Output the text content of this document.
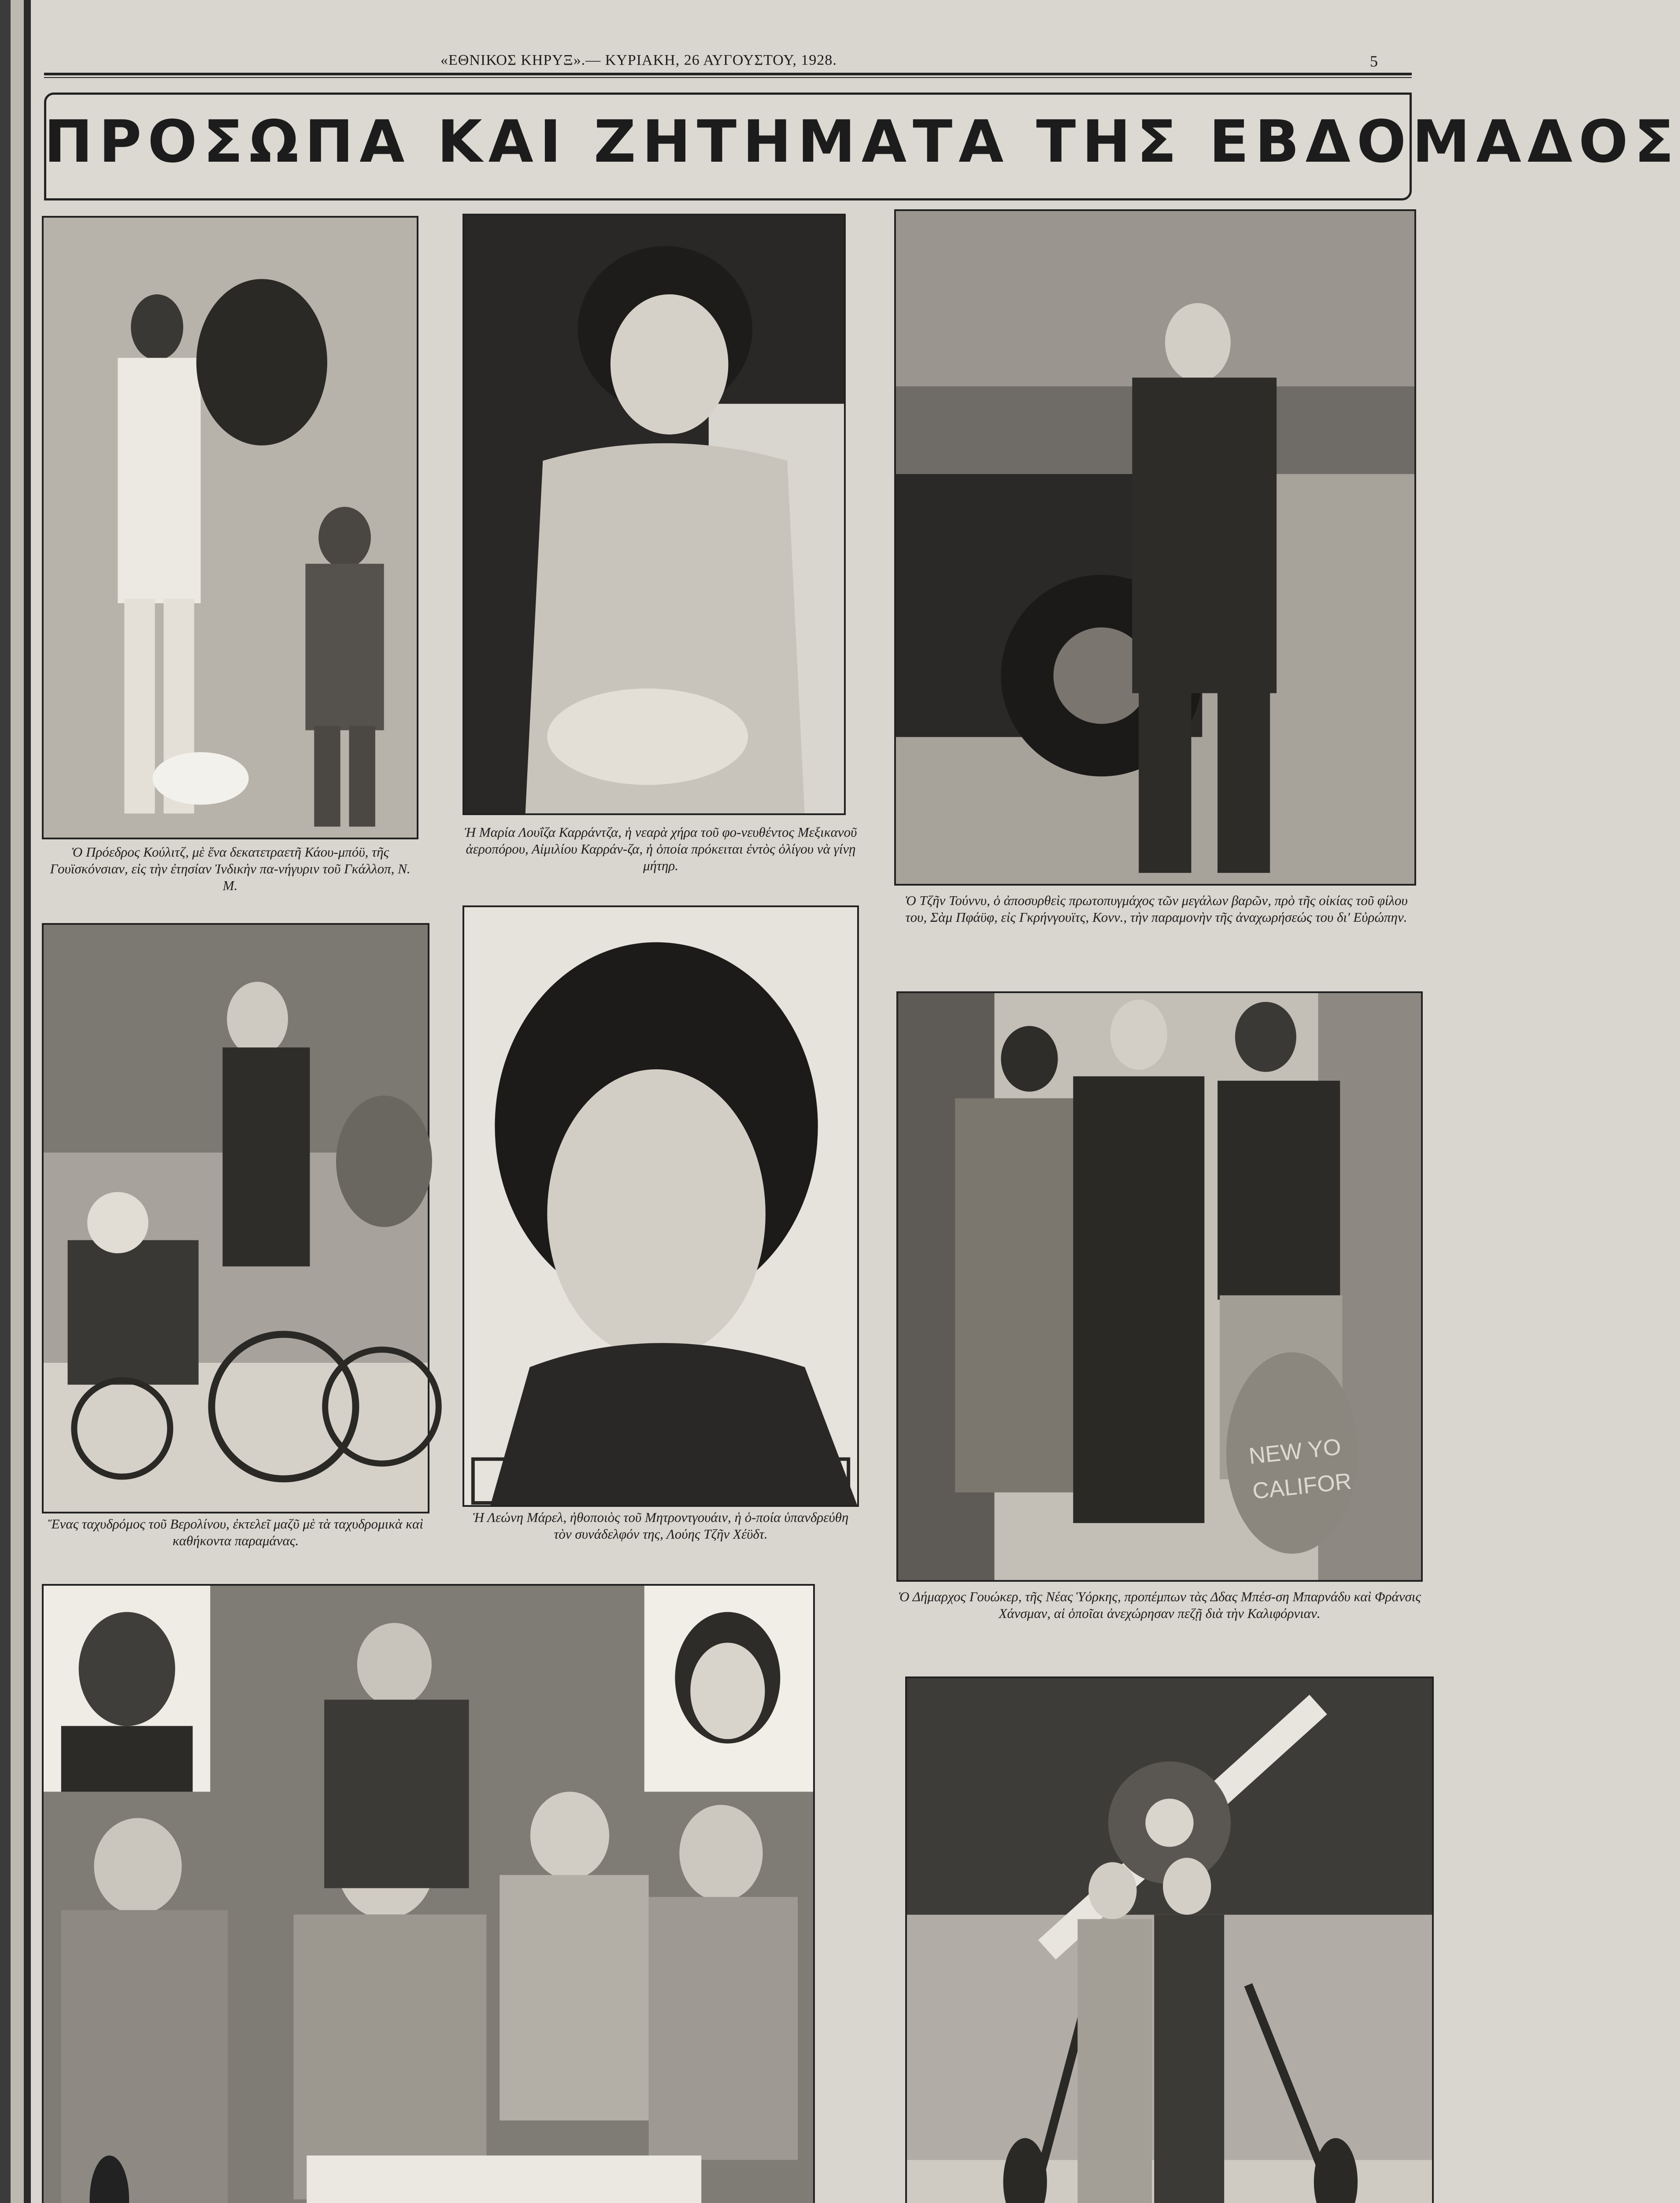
«ΕΘΝΙΚΟΣ ΚΗΡΥΞ».— ΚΥΡΙΑΚΗ, 26 ΑΥΓΟΥΣΤΟΥ, 1928.	5
ΠΡΟΣΩΠΑ ΚΑΙ ΖΗΤΗΜΑΤΑ ΤΗΣ ΕΒΔΟΜΑΔΟΣ
Ὁ Πρόεδρος Κούλιτζ, μὲ ἕνα δεκατετραετῆ Κάου-μπόϋ, τῆς Γουϊσκόνσιαν, εἰς τὴν ἐτησίαν Ἰνδικὴν πα-νήγυριν τοῦ Γκάλλοπ, Ν. Μ.
Ἡ Μαρία Λουΐζα Καρράντζα, ἡ νεαρὰ χήρα τοῦ φο-νευθέντος Μεξικανοῦ ἀεροπόρου, Αἰμιλίου Καρράν-ζα, ἡ ὁποία πρόκειται ἐντὸς ὀλίγου νὰ γίνῃ μήτηρ.
Ὁ Τζῆν Τούννυ, ὁ ἀποσυρθεὶς πρωτοπυγμάχος τῶν μεγάλων βαρῶν, πρὸ τῆς οἰκίας τοῦ φίλου του, Σὰμ Πφάϋφ, εἰς Γκρήνγουϊτς, Κονν., τὴν παραμονὴν τῆς ἀναχωρήσεώς του δι' Εὐρώπην.
NEW YO
CALIFOR
Ἕνας ταχυδρόμος τοῦ Βερολίνου, ἐκτελεῖ μαζῦ μὲ τὰ ταχυδρομικὰ καὶ καθήκοντα παραμάνας.
Ἡ Λεώνη Μάρελ, ἠθοποιὸς τοῦ Μητροντγουάιν, ἡ ὁ-ποία ὑπανδρεύθη τὸν συνάδελφόν της, Λούης Τζῆν Χέϋδτ.
Ὁ Δήμαρχος Γουώκερ, τῆς Νέας Ὑόρκης, προπέμπων τὰς Δδας Μπέσ-ση Μπαρνάδυ καὶ Φράνσις Χάνσμαν, αἱ ὁποῖαι ἀνεχώρησαν πεζῇ διὰ τὴν Καλιφόρνιαν.
